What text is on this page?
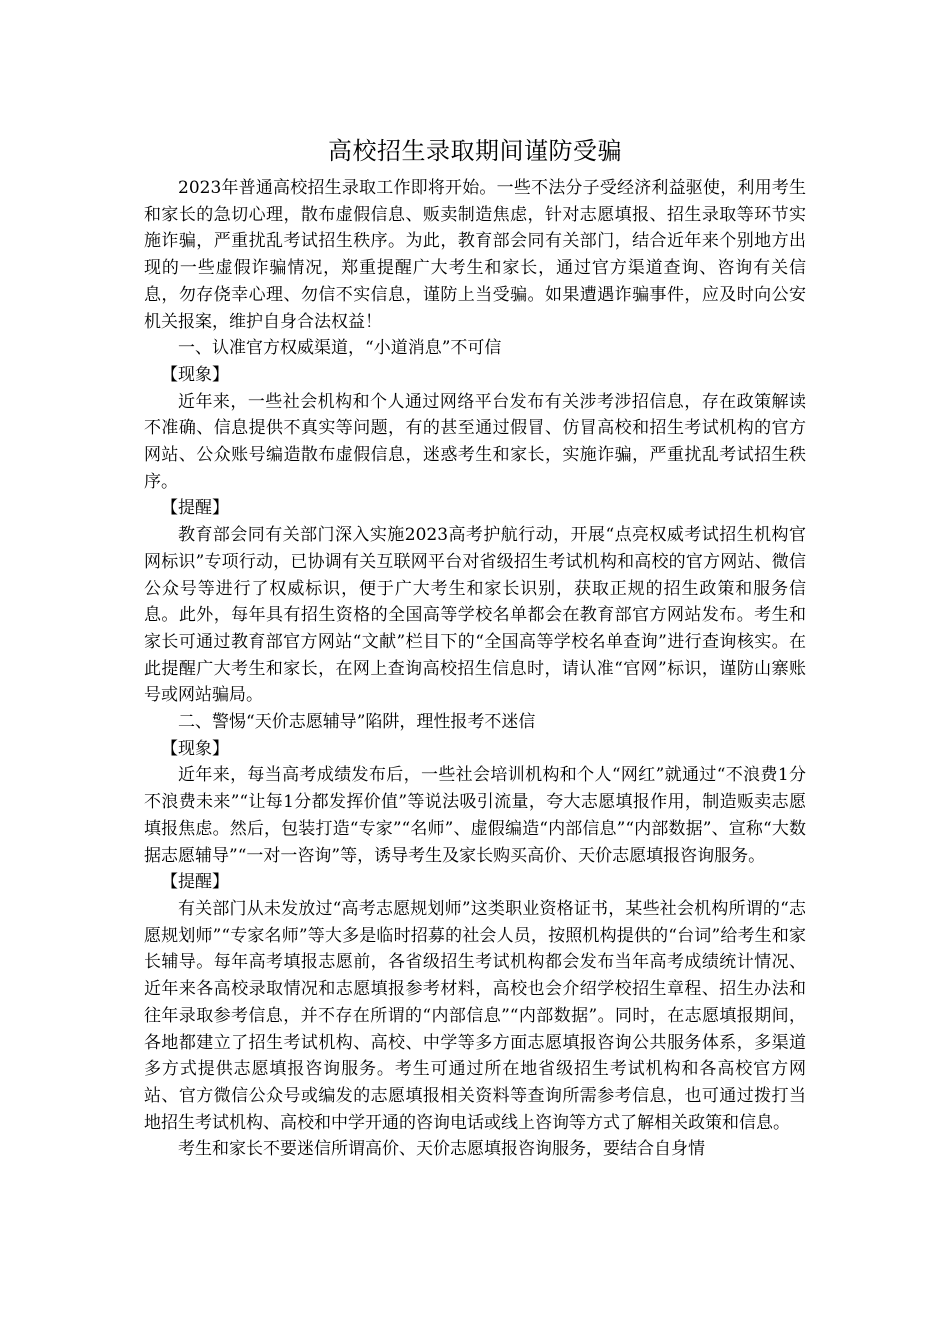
高校招生录取期间谨防受骗

2023年普通高校招生录取工作即将开始。一些不法分子受经济利益驱使，利用考生和家长的急切心理，散布虚假信息、贩卖制造焦虑，针对志愿填报、招生录取等环节实施诈骗，严重扰乱考试招生秩序。为此，教育部会同有关部门，结合近年来个别地方出现的一些虚假诈骗情况，郑重提醒广大考生和家长，通过官方渠道查询、咨询有关信息，勿存侥幸心理、勿信不实信息，谨防上当受骗。如果遭遇诈骗事件，应及时向公安机关报案，维护自身合法权益！

一、认准官方权威渠道，“小道消息”不可信

【现象】

近年来，一些社会机构和个人通过网络平台发布有关涉考涉招信息，存在政策解读不准确、信息提供不真实等问题，有的甚至通过假冒、仿冒高校和招生考试机构的官方网站、公众账号编造散布虚假信息，迷惑考生和家长，实施诈骗，严重扰乱考试招生秩序。

【提醒】

教育部会同有关部门深入实施2023高考护航行动，开展“点亮权威考试招生机构官网标识”专项行动，已协调有关互联网平台对省级招生考试机构和高校的官方网站、微信公众号等进行了权威标识，便于广大考生和家长识别，获取正规的招生政策和服务信息。此外，每年具有招生资格的全国高等学校名单都会在教育部官方网站发布。考生和家长可通过教育部官方网站“文献”栏目下的“全国高等学校名单查询”进行查询核实。在此提醒广大考生和家长，在网上查询高校招生信息时，请认准“官网”标识，谨防山寨账号或网站骗局。

二、警惕“天价志愿辅导”陷阱，理性报考不迷信

【现象】

近年来，每当高考成绩发布后，一些社会培训机构和个人“网红”就通过“不浪费1分不浪费未来”“让每1分都发挥价值”等说法吸引流量，夸大志愿填报作用，制造贩卖志愿填报焦虑。然后，包装打造“专家”“名师”、虚假编造“内部信息”“内部数据”、宣称“大数据志愿辅导”“一对一咨询”等，诱导考生及家长购买高价、天价志愿填报咨询服务。

【提醒】

有关部门从未发放过“高考志愿规划师”这类职业资格证书，某些社会机构所谓的“志愿规划师”“专家名师”等大多是临时招募的社会人员，按照机构提供的“台词”给考生和家长辅导。每年高考填报志愿前，各省级招生考试机构都会发布当年高考成绩统计情况、近年来各高校录取情况和志愿填报参考材料，高校也会介绍学校招生章程、招生办法和往年录取参考信息，并不存在所谓的“内部信息”“内部数据”。同时，在志愿填报期间，各地都建立了招生考试机构、高校、中学等多方面志愿填报咨询公共服务体系，多渠道多方式提供志愿填报咨询服务。考生可通过所在地省级招生考试机构和各高校官方网站、官方微信公众号或编发的志愿填报相关资料等查询所需参考信息，也可通过拨打当地招生考试机构、高校和中学开通的咨询电话或线上咨询等方式了解相关政策和信息。

考生和家长不要迷信所谓高价、天价志愿填报咨询服务，要结合自身情
